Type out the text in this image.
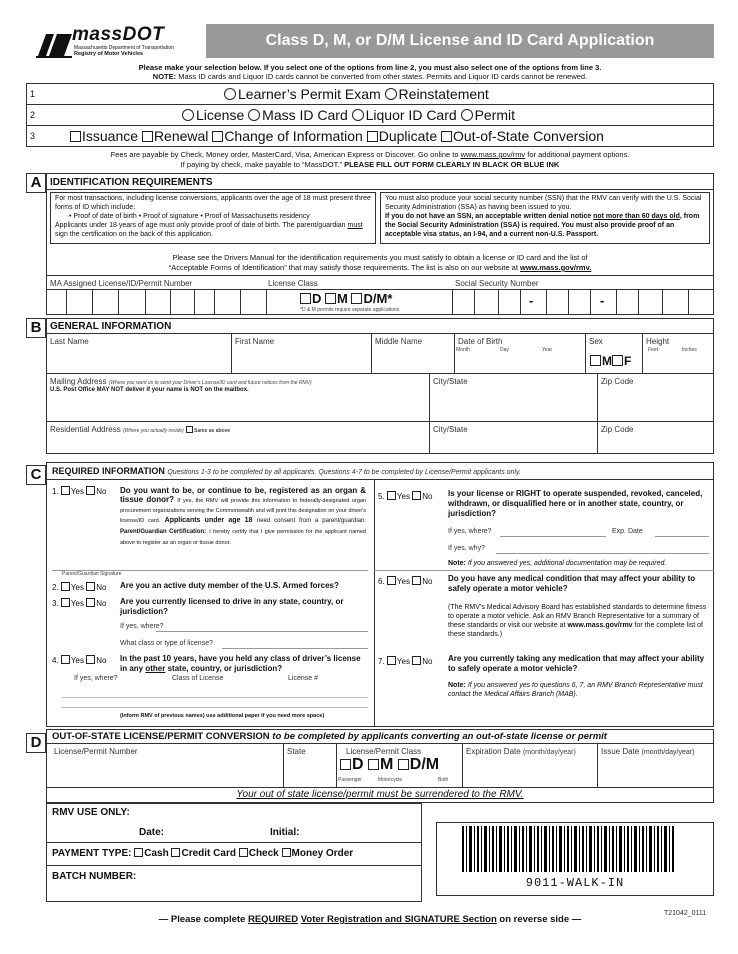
massDOT
Massachusetts Department of Transportation
Registry of Motor Vehicles
Class D, M, or D/M License and ID Card Application
Please make your selection below. If you select one of the options from line 2, you must also select one of the options from line 3.
NOTE: Mass ID cards and Liquor ID cards cannot be converted from other states. Permits and Liquor ID cards cannot be renewed.
1
2
3
Learner’s Permit Exam Reinstatement
License Mass ID Card Liquor ID Card Permit
Issuance Renewal Change of Information Duplicate Out-of-State Conversion
Fees are payable by Check, Money order, MasterCard, Visa, American Express or Discover. Go online to www.mass.gov/rmv for additional payment options.
If paying by check, make payable to “MassDOT.” PLEASE FILL OUT FORM CLEARLY IN BLACK OR BLUE INK
A IDENTIFICATION REQUIREMENTS
For most transactions, including license conversions, applicants over the age of 18 must present three forms of ID which include:
• Proof of date of birth • Proof of signature • Proof of Massachusetts residency
Applicants under 18 years of age must only provide proof of date of birth. The parent/guardian must sign the certification on the back of this application.
You must also produce your social security number (SSN) that the RMV can verify with the U.S. Social Security Administration (SSA) as having been issued to you.
If you do not have an SSN, an acceptable written denial notice not more than 60 days old, from the Social Security Administration (SSA) is required. You must also provide proof of an acceptable visa status, an I-94, and a current non-U.S. Passport.
Please see the Drivers Manual for the identification requirements you must satisfy to obtain a license or ID card and the list of
“Acceptable Forms of Identification” that may satisfy those requirements. The list is also on our website at www.mass.gov/rmv.
MA Assigned License/ID/Permit Number	License Class	Social Security Number
D M D/M*
*D & M permits require separate applications
-	-
B GENERAL INFORMATION
Last Name	First Name	Middle Name	Date of Birth
Month	Day	Year
Sex
M F
Height
Feet	Inches
Mailing Address (Where you want us to send your Driver’s License/ID card and future notices from the RMV)
U.S. Post Office MAY NOT deliver if your name is NOT on the mailbox.
City/State	Zip Code
Residential Address (Where you actually reside) Same as above	City/State	Zip Code
C	REQUIRED INFORMATION Questions 1-3 to be completed by all applicants. Questions 4-7 to be completed by License/Permit applicants only.
1. Yes No Do you want to be, or continue to be, registered as an organ & tissue donor? If yes, the RMV will provide this information to federally-designated organ procurement organizations serving the Commonwealth and will print this designation on your driver's license/ID card. Applicants under age 18 need consent from a parent/guardian. Parent/Guardian Certification: I hereby certify that I give permission for the applicant named above to register as an organ or tissue donor.
Parent/Guardian Signature
2. Yes No Are you an active duty member of the U.S. Armed forces?
3. Yes No Are you currently licensed to drive in any state, country, or jurisdiction?
If yes, where?
What class or type of license?
4. Yes No In the past 10 years, have you held any class of driver’s license in any other state, country, or jurisdiction?
If yes, where?	Class of License	License #
(Inform RMV of previous names) use additional paper if you need more space)
5. Yes No Is your license or RIGHT to operate suspended, revoked, canceled, withdrawn, or disqualified here or in another state, country, or jurisdiction?
If yes, where?	Exp. Date
If yes, why?
Note: If you answered yes, additional documentation may be required.
6. Yes No Do you have any medical condition that may affect your ability to safely operate a motor vehicle?
(The RMV’s Medical Advisory Board has established standards to determine fitness to operate a motor vehicle. Ask an RMV Branch Representative for a summary of these standards or visit our website at www.mass.gov/rmv for the complete list of these standards.)
7. Yes No Are you currently taking any medication that may affect your ability to safely operate a motor vehicle?
Note: If you answered yes to questions 6, 7, an RMV Branch Representative must contact the Medical Affairs Branch (MAB).
D	OUT-OF-STATE LICENSE/PERMIT CONVERSION to be completed by applicants converting an out-of-state license or permit
License/Permit Number	State	License/Permit Class
D M D/M
Passenger	Motorcycle	Both
Expiration Date (month/day/year)	Issue Date (month/day/year)
Your out of state license/permit must be surrendered to the RMV.
RMV USE ONLY:
Date:	Initial:
PAYMENT TYPE: Cash Credit Card Check Money Order
BATCH NUMBER:	9011-WALK-IN
— Please complete REQUIRED Voter Registration and SIGNATURE Section on reverse side —
T21042_0111
